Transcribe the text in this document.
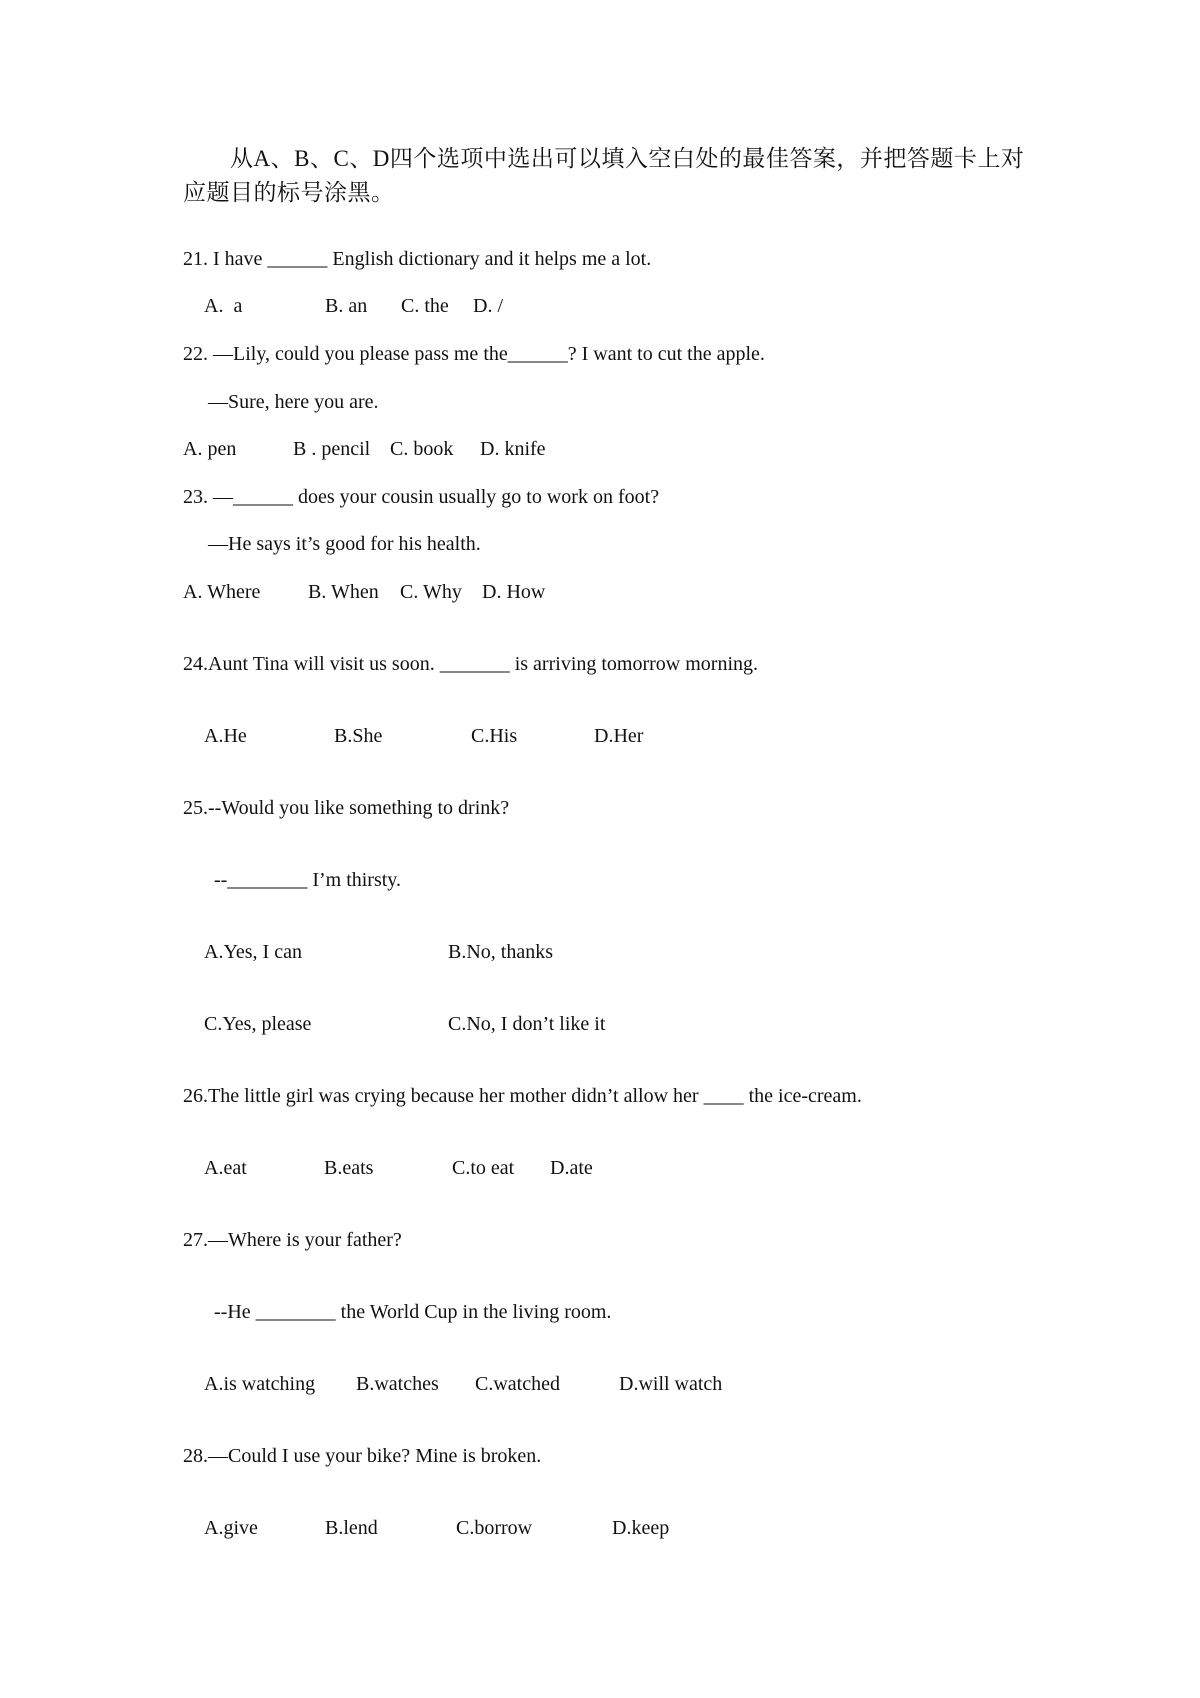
从A、B、C、D四个选项中选出可以填入空白处的最佳答案，并把答题卡上对应题目的标号涂黑。
21. I have ______ English dictionary and it helps me a lot.
A.  a	B. an C. the D. /
22. —Lily, could you please pass me the______? I want to cut the apple.
—Sure, here you are.
A. pen	B . pencil C. book D. knife
23. —______ does your cousin usually go to work on foot?
—He says it’s good for his health.
A. Where B. When C. Why D. How
24.Aunt Tina will visit us soon. _______ is arriving tomorrow morning.
A.He	B.She	C.His	D.Her
25.--Would you like something to drink?
--________ I’m thirsty.
A.Yes, I can	B.No, thanks
C.Yes, please	C.No, I don’t like it
26.The little girl was crying because her mother didn’t allow her ____ the ice-cream.
A.eat	B.eats	C.to eat D.ate
27.—Where is your father?
--He ________ the World Cup in the living room.
A.is watching B.watches C.watched	D.will watch
28.—Could I use your bike? Mine is broken.
A.give	B.lend	C.borrow	D.keep
